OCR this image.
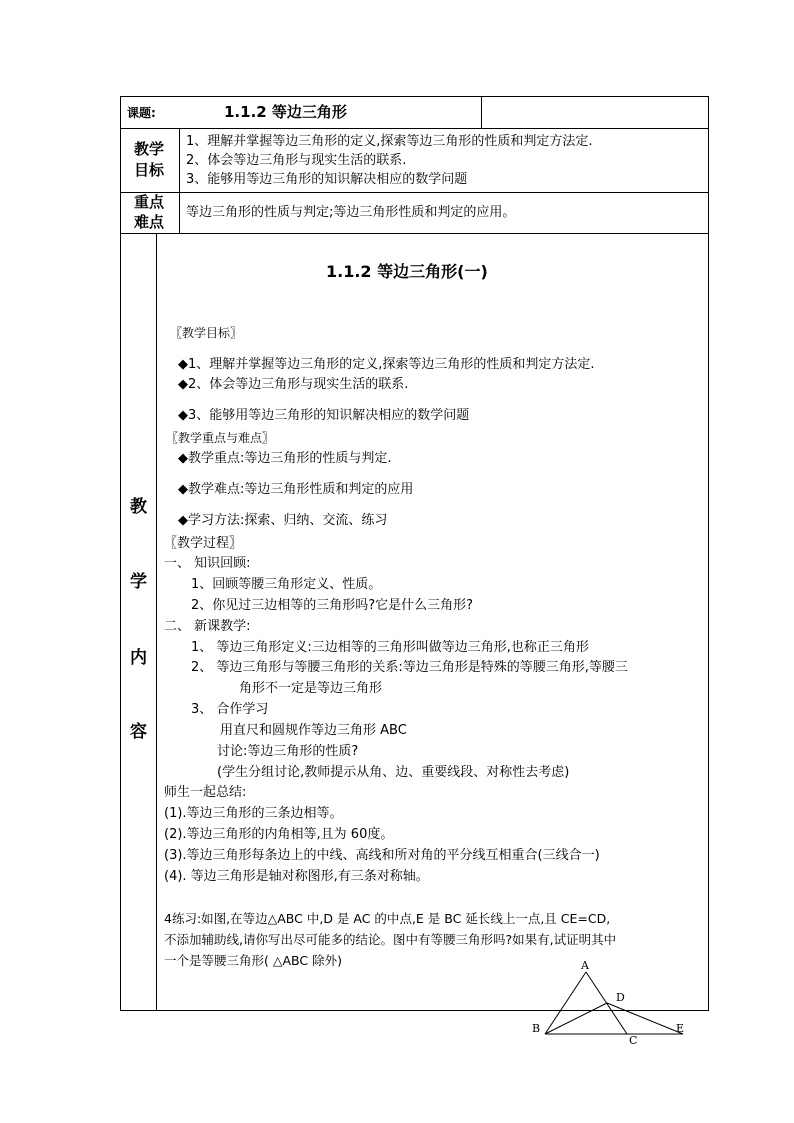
课题:	1.1.2 等边三角形
教学
目标
1、理解并掌握等边三角形的定义,探索等边三角形的性质和判定方法定.
2、体会等边三角形与现实生活的联系.
3、能够用等边三角形的知识解决相应的数学问题
重点
难点
等边三角形的性质与判定;等边三角形性质和判定的应用。
教
学
内
容
1.1.2 等边三角形(一)
〖教学目标〗
◆1、理解并掌握等边三角形的定义,探索等边三角形的性质和判定方法定.
◆2、体会等边三角形与现实生活的联系.
◆3、能够用等边三角形的知识解决相应的数学问题
〖教学重点与难点〗
◆教学重点:等边三角形的性质与判定.
◆教学难点:等边三角形性质和判定的应用
◆学习方法:探索、归纳、交流、练习
〖教学过程〗
一、 知识回顾:
1、回顾等腰三角形定义、性质。
2、你见过三边相等的三角形吗?它是什么三角形?
二、 新课教学:
1、 等边三角形定义:三边相等的三角形叫做等边三角形,也称正三角形
2、 等边三角形与等腰三角形的关系:等边三角形是特殊的等腰三角形,等腰三
角形不一定是等边三角形
3、 合作学习
用直尺和圆规作等边三角形 ABC
讨论:等边三角形的性质?
(学生分组讨论,教师提示从角、边、重要线段、对称性去考虑)
师生一起总结:
(1).等边三角形的三条边相等。
(2).等边三角形的内角相等,且为 60度。
(3).等边三角形每条边上的中线、高线和所对角的平分线互相重合(三线合一)
(4). 等边三角形是轴对称图形,有三条对称轴。
4练习:如图,在等边△ABC 中,D 是 AC 的中点,E 是 BC 延长线上一点,且 CE=CD,
不添加辅助线,请你写出尽可能多的结论。图中有等腰三角形吗?如果有,试证明其中
一个是等腰三角形( △ABC 除外)	A
B
C
D
E
